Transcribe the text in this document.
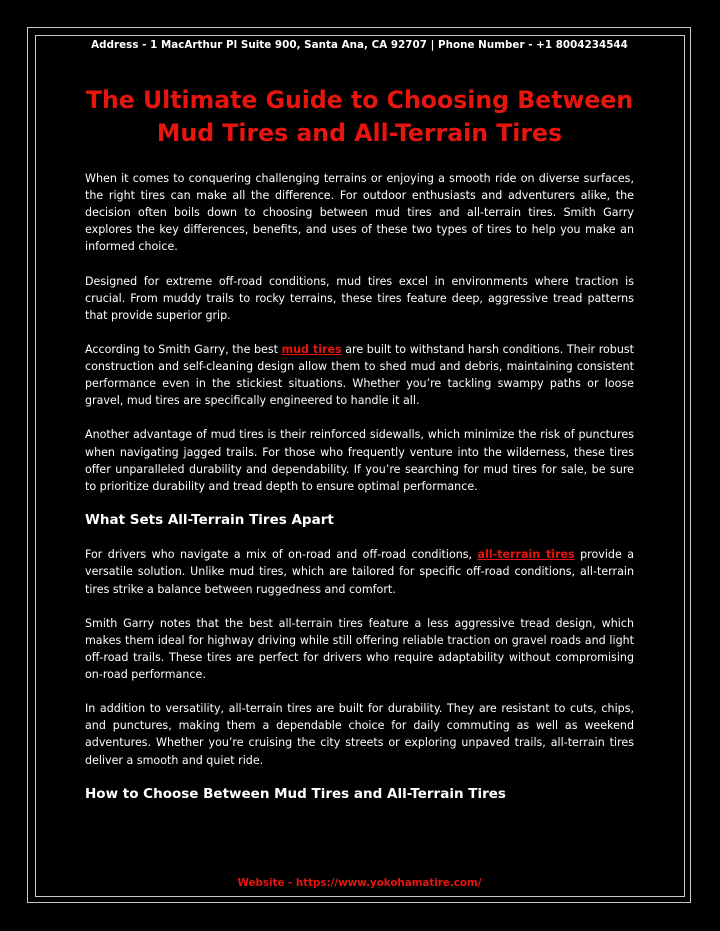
Address - 1 MacArthur Pl Suite 900, Santa Ana, CA 92707 | Phone Number - +1 8004234544
The Ultimate Guide to Choosing Between Mud Tires and All-Terrain Tires

When it comes to conquering challenging terrains or enjoying a smooth ride on diverse surfaces, the right tires can make all the difference. For outdoor enthusiasts and adventurers alike, the decision often boils down to choosing between mud tires and all-terrain tires. Smith Garry explores the key differences, benefits, and uses of these two types of tires to help you make an informed choice.

Designed for extreme off-road conditions, mud tires excel in environments where traction is crucial. From muddy trails to rocky terrains, these tires feature deep, aggressive tread patterns that provide superior grip.

According to Smith Garry, the best mud tires are built to withstand harsh conditions. Their robust construction and self-cleaning design allow them to shed mud and debris, maintaining consistent performance even in the stickiest situations. Whether you’re tackling swampy paths or loose gravel, mud tires are specifically engineered to handle it all.

Another advantage of mud tires is their reinforced sidewalls, which minimize the risk of punctures when navigating jagged trails. For those who frequently venture into the wilderness, these tires offer unparalleled durability and dependability. If you’re searching for mud tires for sale, be sure to prioritize durability and tread depth to ensure optimal performance.

What Sets All-Terrain Tires Apart

For drivers who navigate a mix of on-road and off-road conditions, all-terrain tires provide a versatile solution. Unlike mud tires, which are tailored for specific off-road conditions, all-terrain tires strike a balance between ruggedness and comfort.

Smith Garry notes that the best all-terrain tires feature a less aggressive tread design, which makes them ideal for highway driving while still offering reliable traction on gravel roads and light off-road trails. These tires are perfect for drivers who require adaptability without compromising on-road performance.

In addition to versatility, all-terrain tires are built for durability. They are resistant to cuts, chips, and punctures, making them a dependable choice for daily commuting as well as weekend adventures. Whether you’re cruising the city streets or exploring unpaved trails, all-terrain tires deliver a smooth and quiet ride.

How to Choose Between Mud Tires and All-Terrain Tires
Website - https://www.yokohamatire.com/
